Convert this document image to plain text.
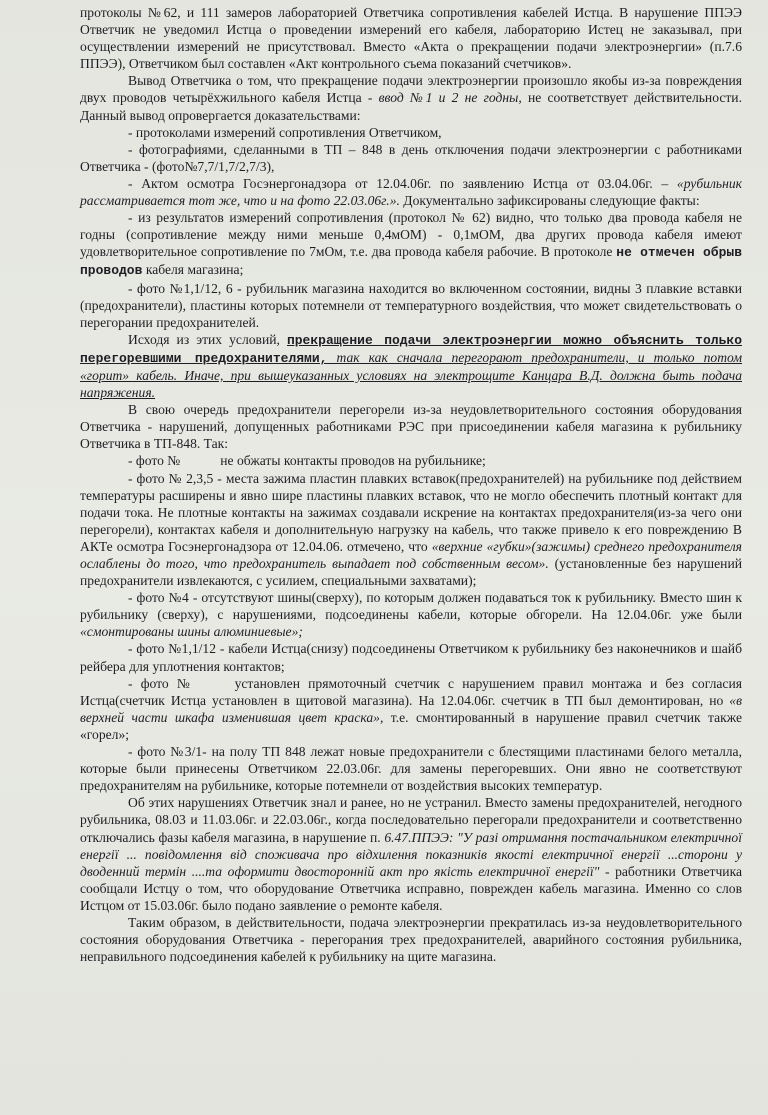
протоколы №62, и 111 замеров лабораторией Ответчика сопротивления кабелей Истца. В нарушение ППЭЭ Ответчик не уведомил Истца о проведении измерений его кабеля, лабораторию Истец не заказывал, при осуществлении измерений не присутствовал. Вместо «Акта о прекращении подачи электроэнергии» (п.7.6 ППЭЭ), Ответчиком был составлен «Акт контрольного съема показаний счетчиков».

Вывод Ответчика о том, что прекращение подачи электроэнергии произошло якобы из-за повреждения двух проводов четырёхжильного кабеля Истца - ввод №1 и 2 не годны, не соответствует действительности. Данный вывод опровергается доказательствами:

- протоколами измерений сопротивления Ответчиком,

- фотографиями, сделанными в ТП – 848 в день отключения подачи электроэнергии с работниками Ответчика - (фото№7,7/1,7/2,7/3),

- Актом осмотра Госэнергонадзора от 12.04.06г. по заявлению Истца от 03.04.06г. – «рубильник рассматривается тот же, что и на фото 22.03.06г.». Документально зафиксированы следующие факты:

- из результатов измерений сопротивления (протокол № 62) видно, что только два провода кабеля не годны (сопротивление между ними меньше 0,4мОМ) - 0,1мОМ, два других провода кабеля имеют удовлетворительное сопротивление по 7мОм, т.е. два провода кабеля рабочие. В протоколе не отмечен обрыв проводов кабеля магазина;

- фото №1,1/12, 6 - рубильник магазина находится во включенном состоянии, видны 3 плавкие вставки (предохранители), пластины которых потемнели от температурного воздействия, что может свидетельствовать о перегорании предохранителей.

Исходя из этих условий, прекращение подачи электроэнергии можно объяснить только перегоревшими предохранителями, так как сначала перегорают предохранители, и только потом «горит» кабель. Иначе, при вышеуказанных условиях на электрощите Канцара В.Д. должна быть подача напряжения.

В свою очередь предохранители перегорели из-за неудовлетворительного состояния оборудования Ответчика - нарушений, допущенных работниками РЭС при присоединении кабеля магазина к рубильнику Ответчика в ТП-848. Так:

- фото №	не обжаты контакты проводов на рубильнике;

- фото № 2,3,5 - места зажима пластин плавких вставок(предохранителей) на рубильнике под действием температуры расширены и явно шире пластины плавких вставок, что не могло обеспечить плотный контакт для подачи тока. Не плотные контакты на зажимах создавали искрение на контактах предохранителя(из-за чего они перегорели), контактах кабеля и дополнительную нагрузку на кабель, что также привело к его повреждению В АКТе осмотра Госэнергонадзора от 12.04.06. отмечено, что «верхние «губки»(зажимы) среднего предохранителя ослаблены до того, что предохранитель выпадает под собственным весом». (установленные без нарушений предохранители извлекаются, с усилием, специальными захватами);

- фото №4 - отсутствуют шины(сверху), по которым должен подаваться ток к рубильнику. Вместо шин к рубильнику (сверху), с нарушениями, подсоединены кабели, которые обгорели. На 12.04.06г. уже были «смонтированы шины алюминиевые»;

- фото №1,1/12 - кабели Истца(снизу) подсоединены Ответчиком к рубильнику без наконечников и шайб рейбера для уплотнения контактов;

- фото №	установлен прямоточный счетчик с нарушением правил монтажа и без согласия Истца(счетчик Истца установлен в щитовой магазина). На 12.04.06г. счетчик в ТП был демонтирован, но «в верхней части шкафа изменившая цвет краска», т.е. смонтированный в нарушение правил счетчик также «горел»;

- фото №3/1- на полу ТП 848 лежат новые предохранители с блестящими пластинами белого металла, которые были принесены Ответчиком 22.03.06г. для замены перегоревших. Они явно не соответствуют предохранителям на рубильнике, которые потемнели от воздействия высоких температур.

Об этих нарушениях Ответчик знал и ранее, но не устранил. Вместо замены предохранителей, негодного рубильника, 08.03 и 11.03.06г. и 22.03.06г., когда последовательно перегорали предохранители и соответственно отключались фазы кабеля магазина, в нарушение п. 6.47.ППЭЭ: "У разі отримання постачальником електричної енергії ... повідомлення від споживача про відхилення показників якості електричної енергії ...сторони у дводенний термін ....та оформити двосторонній акт про якість електричної енергії" - работники Ответчика сообщали Истцу о том, что оборудование Ответчика исправно, поврежден кабель магазина. Именно со слов Истцом от 15.03.06г. было подано заявление о ремонте кабеля.

Таким образом, в действительности, подача электроэнергии прекратилась из-за неудовлетворительного состояния оборудования Ответчика - перегорания трех предохранителей, аварийного состояния рубильника, неправильного подсоединения кабелей к рубильнику на щите магазина.
